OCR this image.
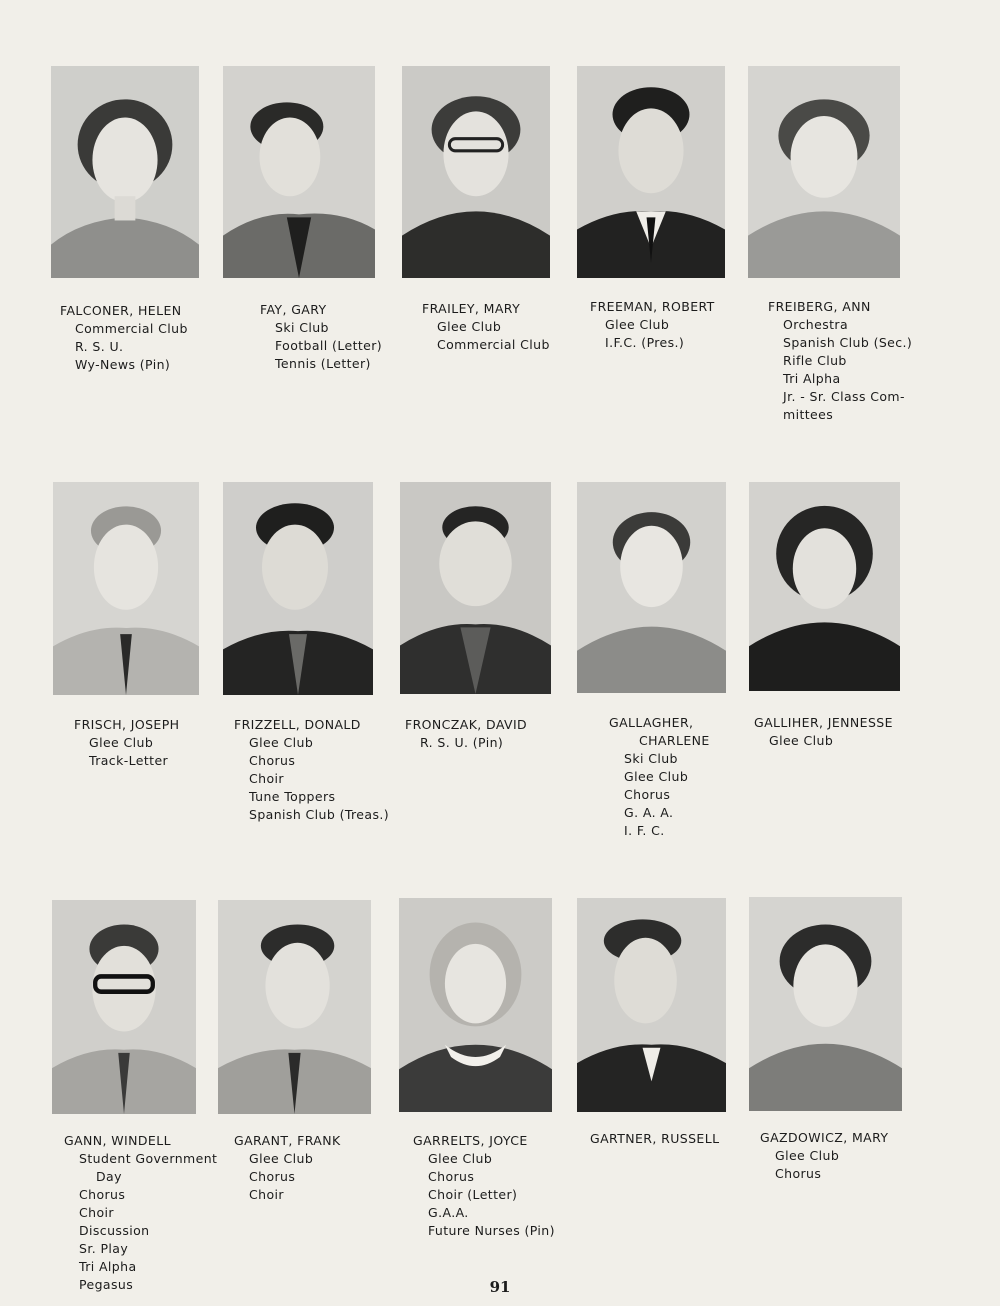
FALCONER, HELEN
Commercial Club
R. S. U.
Wy-News (Pin)
FAY, GARY
Ski Club
Football (Letter)
Tennis (Letter)
FRAILEY, MARY
Glee Club
Commercial Club
FREEMAN, ROBERT
Glee Club
I.F.C. (Pres.)
FREIBERG, ANN
Orchestra
Spanish Club (Sec.)
Rifle Club
Tri Alpha
Jr. - Sr. Class Com-
mittees
FRISCH, JOSEPH
Glee Club
Track-Letter
FRIZZELL, DONALD
Glee Club
Chorus
Choir
Tune Toppers
Spanish Club (Treas.)
FRONCZAK, DAVID
R. S. U. (Pin)
GALLAGHER,
CHARLENE
Ski Club
Glee Club
Chorus
G. A. A.
I. F. C.
GALLIHER, JENNESSE
Glee Club
GANN, WINDELL
Student Government
Day
Chorus
Choir
Discussion
Sr. Play
Tri Alpha
Pegasus
GARANT, FRANK
Glee Club
Chorus
Choir
GARRELTS, JOYCE
Glee Club
Chorus
Choir (Letter)
G.A.A.
Future Nurses (Pin)
GARTNER, RUSSELL	GAZDOWICZ, MARY
Glee Club
Chorus
91
